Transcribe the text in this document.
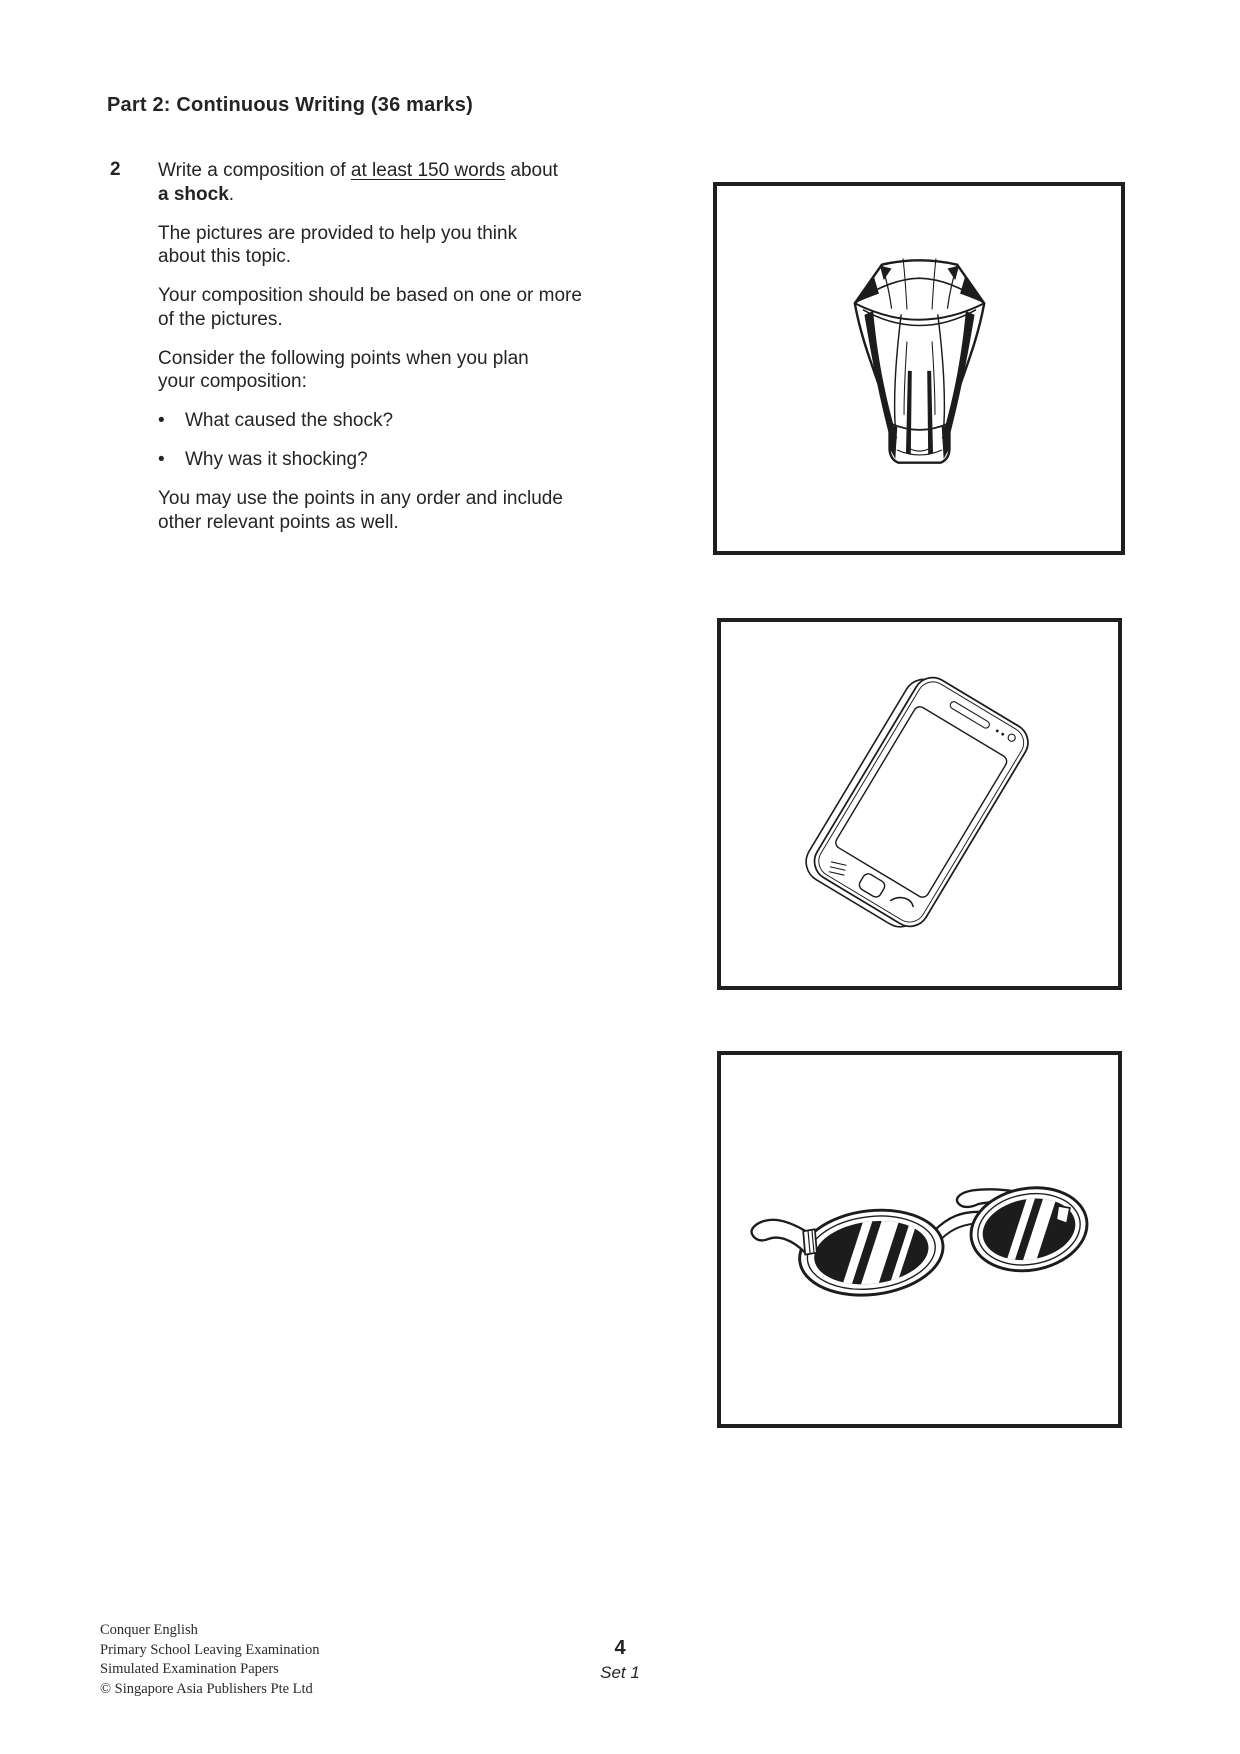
Part 2: Continuous Writing (36 marks)
2 Write a composition of at least 150 words about
a shock.
The pictures are provided to help you think
about this topic.
Your composition should be based on one or more
of the pictures.
Consider the following points when you plan
your composition:
•	What caused the shock?
•	Why was it shocking?
You may use the points in any order and include
other relevant points as well.
Conquer English
Primary School Leaving Examination
Simulated Examination Papers
© Singapore Asia Publishers Pte Ltd
4
Set 1
